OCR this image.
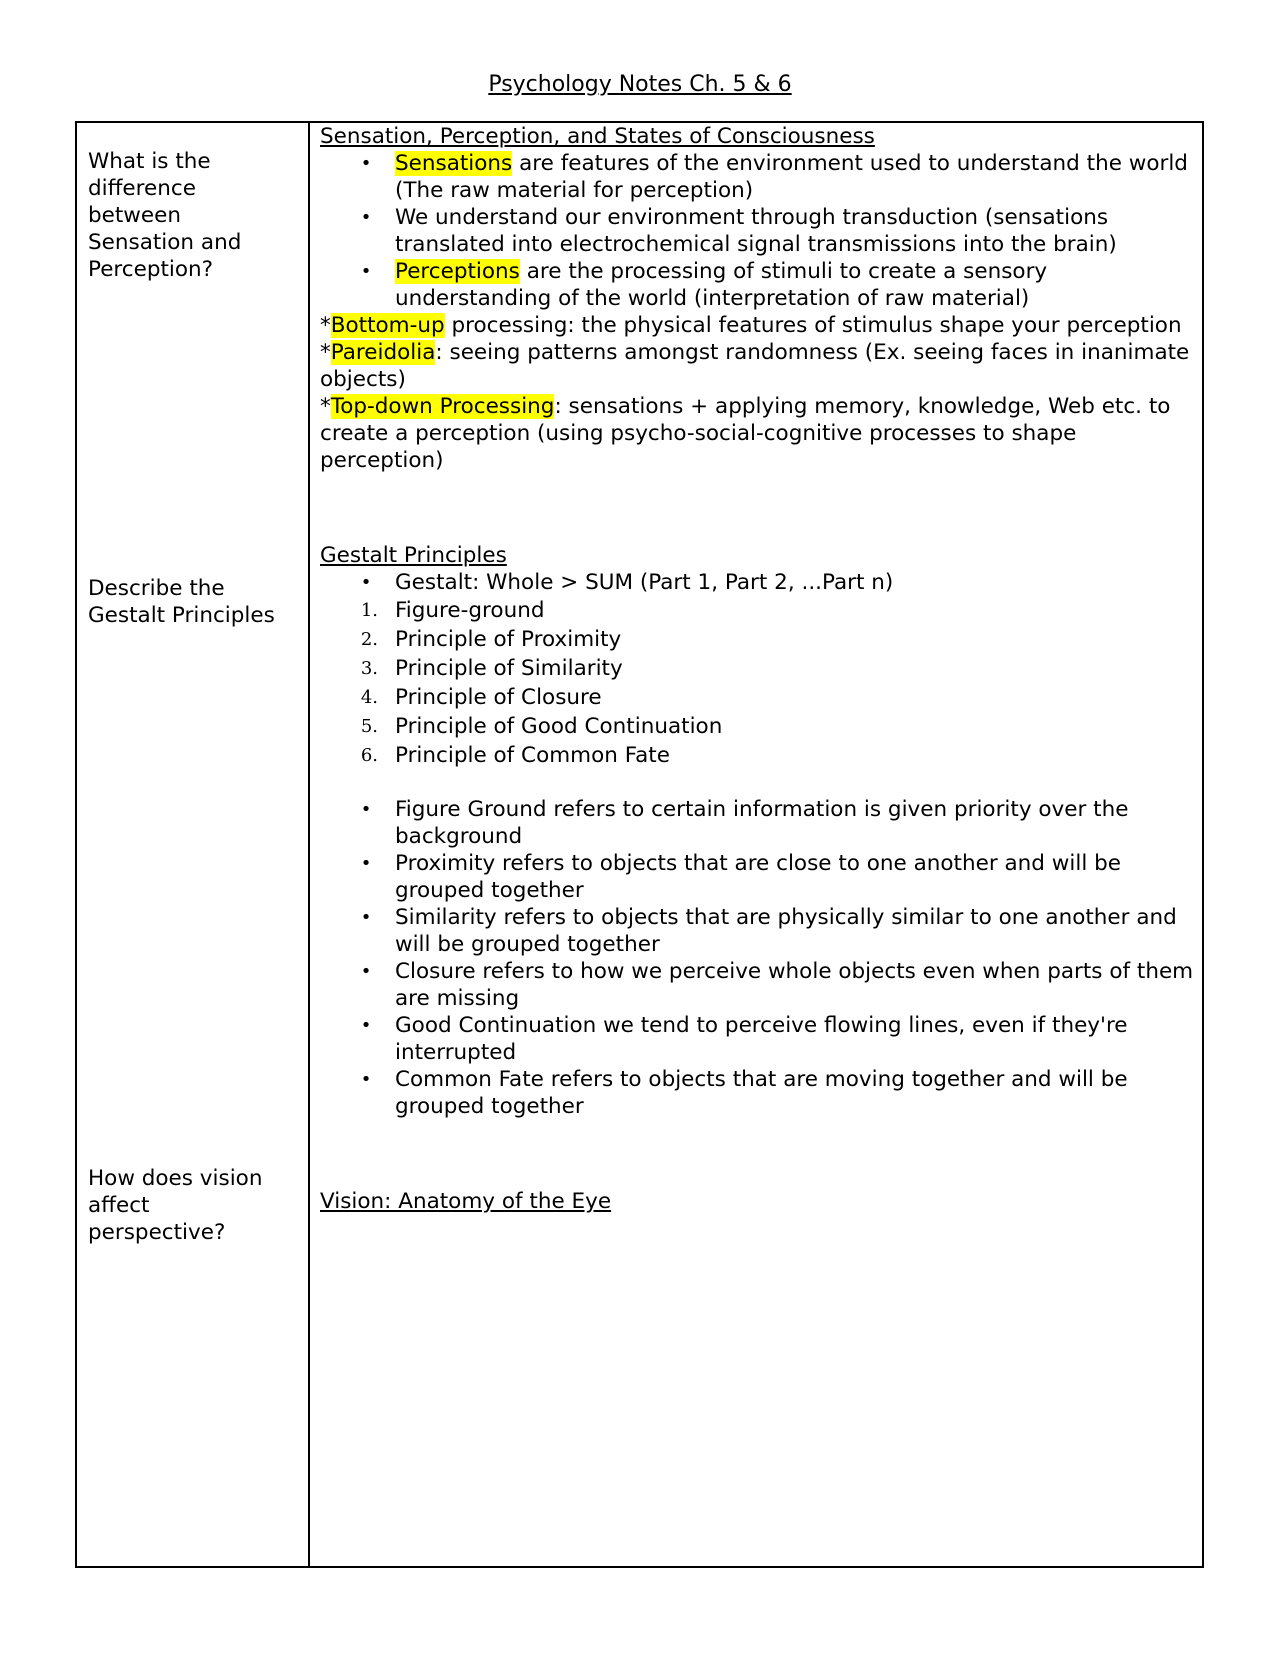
Psychology Notes Ch. 5 & 6
What is the
difference
between
Sensation and
Perception?
Describe the
Gestalt Principles
How does vision
affect
perspective?
Sensation, Perception, and States of Consciousness
• Sensations are features of the environment used to understand the world (The raw material for perception)
• We understand our environment through transduction (sensations translated into electrochemical signal transmissions into the brain)
• Perceptions are the processing of stimuli to create a sensory understanding of the world (interpretation of raw material)
*Bottom-up processing: the physical features of stimulus shape your perception
*Pareidolia: seeing patterns amongst randomness (Ex. seeing faces in inanimate objects)
*Top-down Processing: sensations + applying memory, knowledge, Web etc. to create a perception (using psycho-social-cognitive processes to shape perception)
Gestalt Principles
• Gestalt: Whole > SUM (Part 1, Part 2, ...Part n)
1. Figure-ground
2. Principle of Proximity
3. Principle of Similarity
4. Principle of Closure
5. Principle of Good Continuation
6. Principle of Common Fate
• Figure Ground refers to certain information is given priority over the background
• Proximity refers to objects that are close to one another and will be grouped together
• Similarity refers to objects that are physically similar to one another and will be grouped together
• Closure refers to how we perceive whole objects even when parts of them are missing
• Good Continuation we tend to perceive flowing lines, even if they're interrupted
• Common Fate refers to objects that are moving together and will be grouped together
Vision: Anatomy of the Eye
